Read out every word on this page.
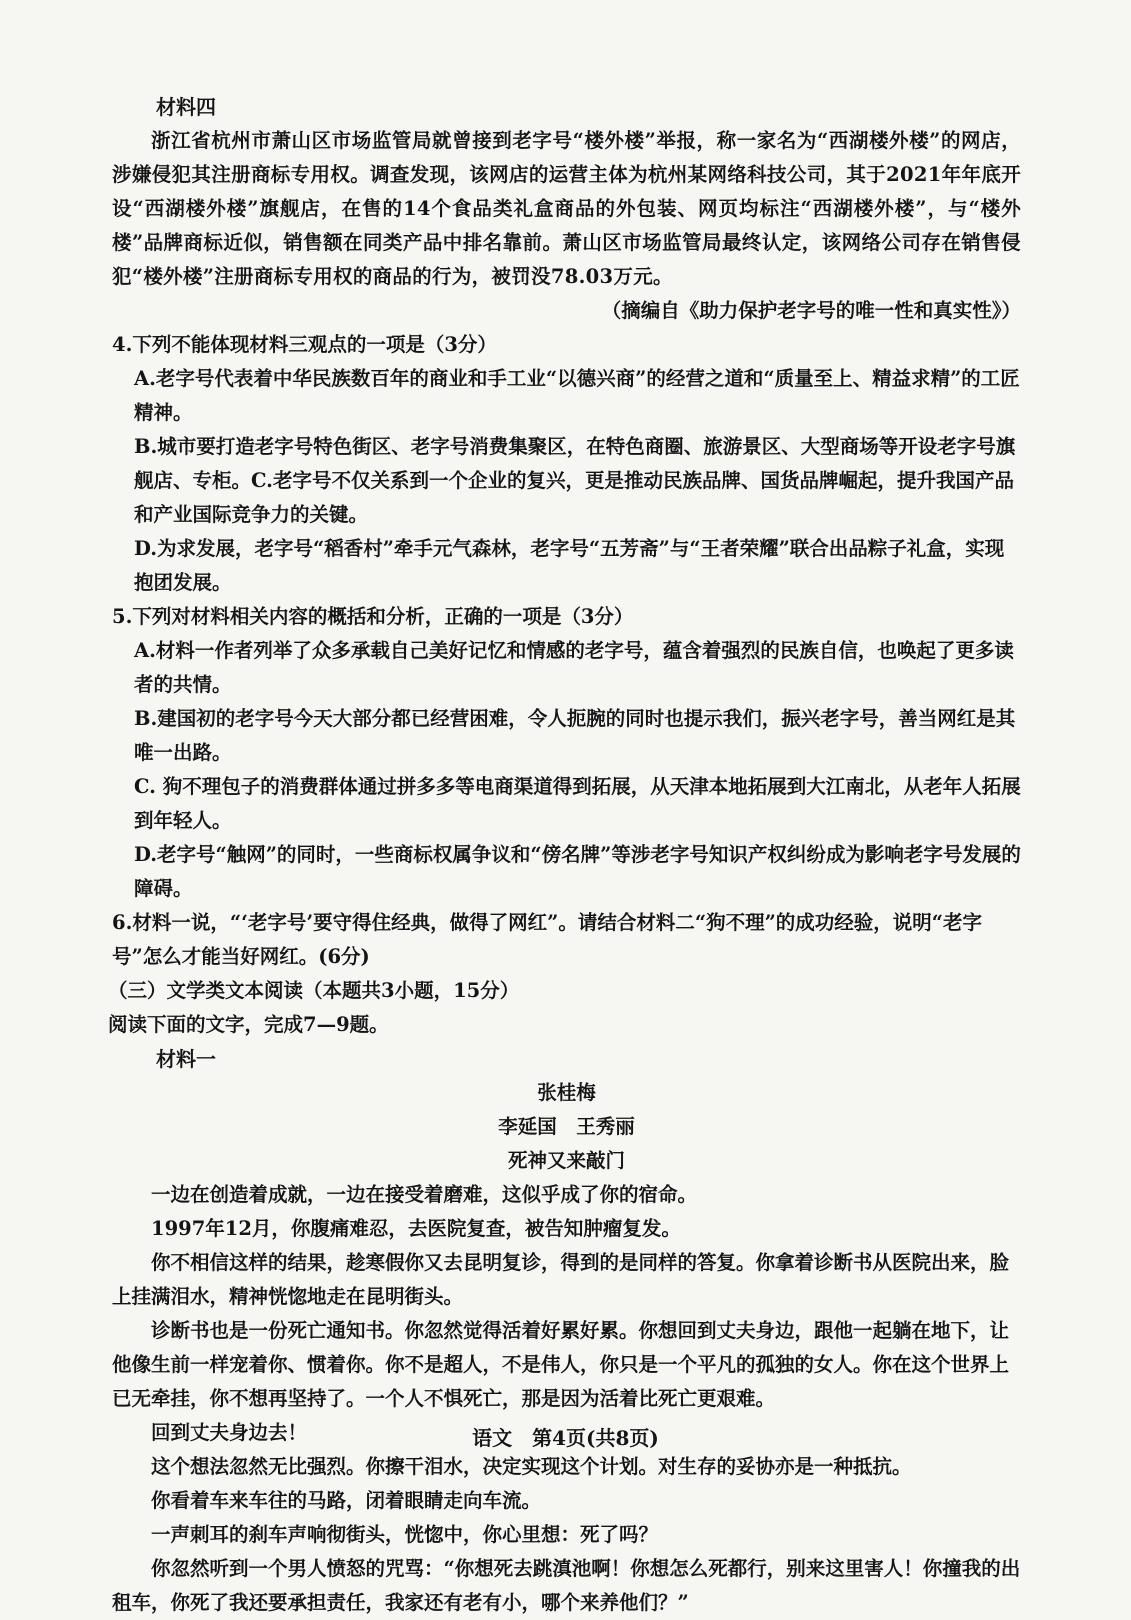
材料四

浙江省杭州市萧山区市场监管局就曾接到老字号“楼外楼”举报，称一家名为“西湖楼外楼”的网店，涉嫌侵犯其注册商标专用权。调查发现，该网店的运营主体为杭州某网络科技公司，其于2021年年底开设“西湖楼外楼”旗舰店，在售的14个食品类礼盒商品的外包装、网页均标注“西湖楼外楼”，与“楼外楼”品牌商标近似，销售额在同类产品中排名靠前。萧山区市场监管局最终认定，该网络公司存在销售侵犯“楼外楼”注册商标专用权的商品的行为，被罚没78.03万元。

（摘编自《助力保护老字号的唯一性和真实性》）

4.下列不能体现材料三观点的一项是（3分）

A.老字号代表着中华民族数百年的商业和手工业“以德兴商”的经营之道和“质量至上、精益求精”的工匠精神。

B.城市要打造老字号特色街区、老字号消费集聚区，在特色商圈、旅游景区、大型商场等开设老字号旗舰店、专柜。C.老字号不仅关系到一个企业的复兴，更是推动民族品牌、国货品牌崛起，提升我国产品和产业国际竞争力的关键。

D.为求发展，老字号“稻香村”牵手元气森林，老字号“五芳斋”与“王者荣耀”联合出品粽子礼盒，实现抱团发展。

5.下列对材料相关内容的概括和分析，正确的一项是（3分）

A.材料一作者列举了众多承载自己美好记忆和情感的老字号，蕴含着强烈的民族自信，也唤起了更多读者的共情。

B.建国初的老字号今天大部分都已经营困难，令人扼腕的同时也提示我们，振兴老字号，善当网红是其唯一出路。

C. 狗不理包子的消费群体通过拼多多等电商渠道得到拓展，从天津本地拓展到大江南北，从老年人拓展到年轻人。

D.老字号“触网”的同时，一些商标权属争议和“傍名牌”等涉老字号知识产权纠纷成为影响老字号发展的障碍。

6.材料一说，“‘老字号’要守得住经典，做得了网红”。请结合材料二“狗不理”的成功经验，说明“老字号”怎么才能当好网红。(6分)

（三）文学类文本阅读（本题共3小题，15分）

阅读下面的文字，完成7—9题。

材料一

张桂梅

李延国　王秀丽

死神又来敲门

一边在创造着成就，一边在接受着磨难，这似乎成了你的宿命。

1997年12月，你腹痛难忍，去医院复查，被告知肿瘤复发。

你不相信这样的结果，趁寒假你又去昆明复诊，得到的是同样的答复。你拿着诊断书从医院出来，脸上挂满泪水，精神恍惚地走在昆明街头。

诊断书也是一份死亡通知书。你忽然觉得活着好累好累。你想回到丈夫身边，跟他一起躺在地下，让他像生前一样宠着你、惯着你。你不是超人，不是伟人，你只是一个平凡的孤独的女人。你在这个世界上已无牵挂，你不想再坚持了。一个人不惧死亡，那是因为活着比死亡更艰难。

回到丈夫身边去！

这个想法忽然无比强烈。你擦干泪水，决定实现这个计划。对生存的妥协亦是一种抵抗。

你看着车来车往的马路，闭着眼睛走向车流。

一声刺耳的刹车声响彻街头，恍惚中，你心里想：死了吗？

你忽然听到一个男人愤怒的咒骂：“你想死去跳滇池啊！你想怎么死都行，别来这里害人！你撞我的出租车，你死了我还要承担责任，我家还有老有小，哪个来养他们？”

语文　第4页(共8页)
